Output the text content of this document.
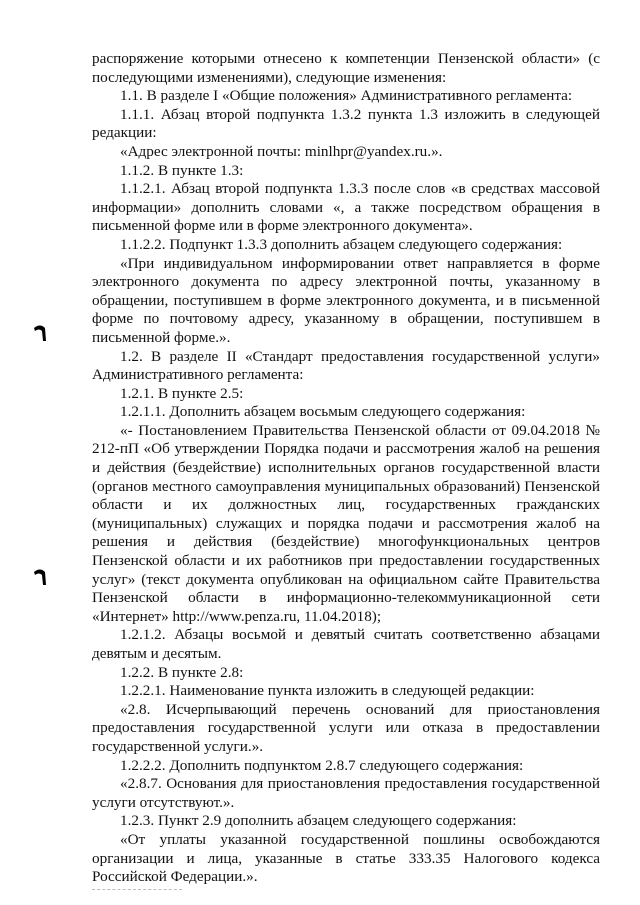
распоряжение которыми отнесено к компетенции Пензенской области» (с последующими изменениями), следующие изменения:

1.1. В разделе I «Общие положения» Административного регламента:

1.1.1. Абзац второй подпункта 1.3.2 пункта 1.3 изложить в следующей редакции:

«Адрес электронной почты: minlhpr@yandex.ru.».

1.1.2. В пункте 1.3:

1.1.2.1. Абзац второй подпункта 1.3.3 после слов «в средствах массовой информации» дополнить словами «, а также посредством обращения в письменной форме или в форме электронного документа».

1.1.2.2. Подпункт 1.3.3 дополнить абзацем следующего содержания:

«При индивидуальном информировании ответ направляется в форме электронного документа по адресу электронной почты, указанному в обращении, поступившем в форме электронного документа, и в письменной форме по почтовому адресу, указанному в обращении, поступившем в письменной форме.».

1.2. В разделе II «Стандарт предоставления государственной услуги» Административного регламента:

1.2.1. В пункте 2.5:

1.2.1.1. Дополнить абзацем восьмым следующего содержания:

«- Постановлением Правительства Пензенской области от 09.04.2018 № 212-пП «Об утверждении Порядка подачи и рассмотрения жалоб на решения и действия (бездействие) исполнительных органов государственной власти (органов местного самоуправления муниципальных образований) Пензенской области и их должностных лиц, государственных гражданских (муниципальных) служащих и порядка подачи и рассмотрения жалоб на решения и действия (бездействие) многофункциональных центров Пензенской области и их работников при предоставлении государственных услуг» (текст документа опубликован на официальном сайте Правительства Пензенской области в информационно-телекоммуникационной сети «Интернет» http://www.penza.ru, 11.04.2018);

1.2.1.2. Абзацы восьмой и девятый считать соответственно абзацами девятым и десятым.

1.2.2. В пункте 2.8:

1.2.2.1. Наименование пункта изложить в следующей редакции:

«2.8. Исчерпывающий перечень оснований для приостановления предоставления государственной услуги или отказа в предоставлении государственной услуги.».

1.2.2.2. Дополнить подпунктом 2.8.7 следующего содержания:

«2.8.7. Основания для приостановления предоставления государственной услуги отсутствуют.».

1.2.3. Пункт 2.9 дополнить абзацем следующего содержания:

«От уплаты указанной государственной пошлины освобождаются организации и лица, указанные в статье 333.35 Налогового кодекса Российской Федерации.».
